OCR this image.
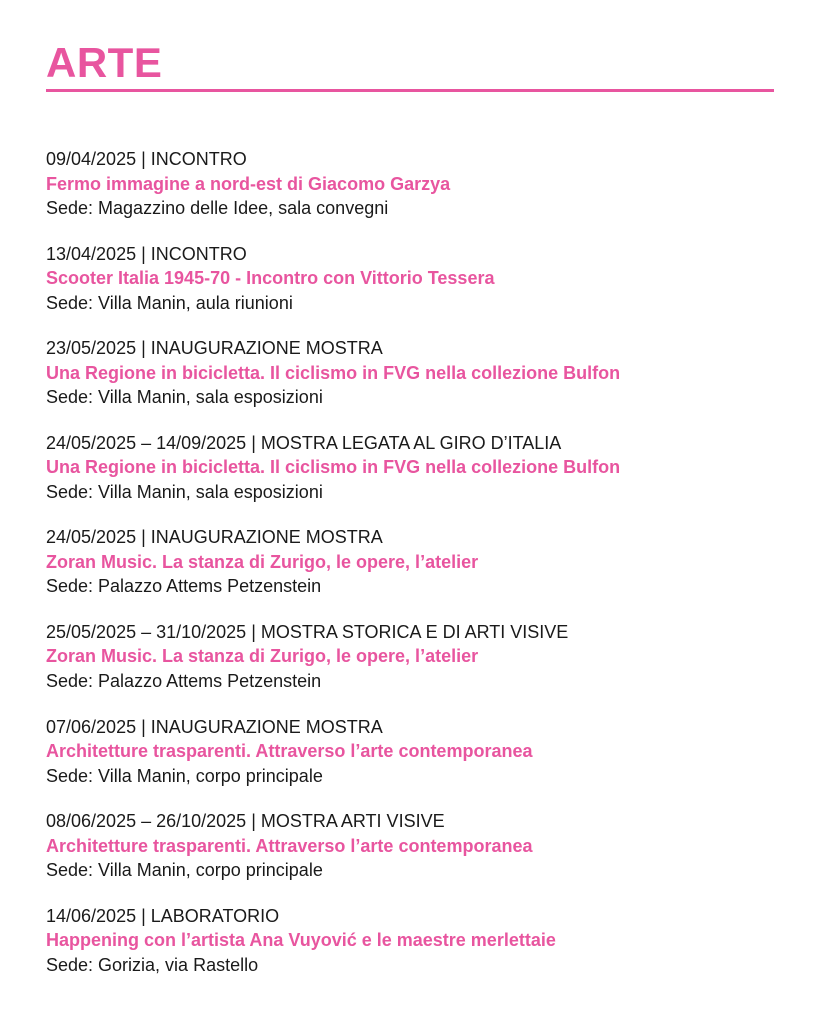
ARTE
09/04/2025 | INCONTRO
Fermo immagine a nord-est di Giacomo Garzya
Sede: Magazzino delle Idee, sala convegni
13/04/2025 | INCONTRO
Scooter Italia 1945-70 - Incontro con Vittorio Tessera
Sede: Villa Manin, aula riunioni
23/05/2025 | INAUGURAZIONE MOSTRA
Una Regione in bicicletta. Il ciclismo in FVG nella collezione Bulfon
Sede: Villa Manin, sala esposizioni
24/05/2025 – 14/09/2025 | MOSTRA LEGATA AL GIRO D’ITALIA
Una Regione in bicicletta. Il ciclismo in FVG nella collezione Bulfon
Sede: Villa Manin, sala esposizioni
24/05/2025 | INAUGURAZIONE MOSTRA
Zoran Music. La stanza di Zurigo, le opere, l’atelier
Sede: Palazzo Attems Petzenstein
25/05/2025 – 31/10/2025 | MOSTRA STORICA E DI ARTI VISIVE
Zoran Music. La stanza di Zurigo, le opere, l’atelier
Sede: Palazzo Attems Petzenstein
07/06/2025 | INAUGURAZIONE MOSTRA
Architetture trasparenti. Attraverso l’arte contemporanea
Sede: Villa Manin, corpo principale
08/06/2025 – 26/10/2025 | MOSTRA ARTI VISIVE
Architetture trasparenti. Attraverso l’arte contemporanea
Sede: Villa Manin, corpo principale
14/06/2025 | LABORATORIO
Happening con l’artista Ana Vuyović e le maestre merlettaie
Sede: Gorizia, via Rastello
